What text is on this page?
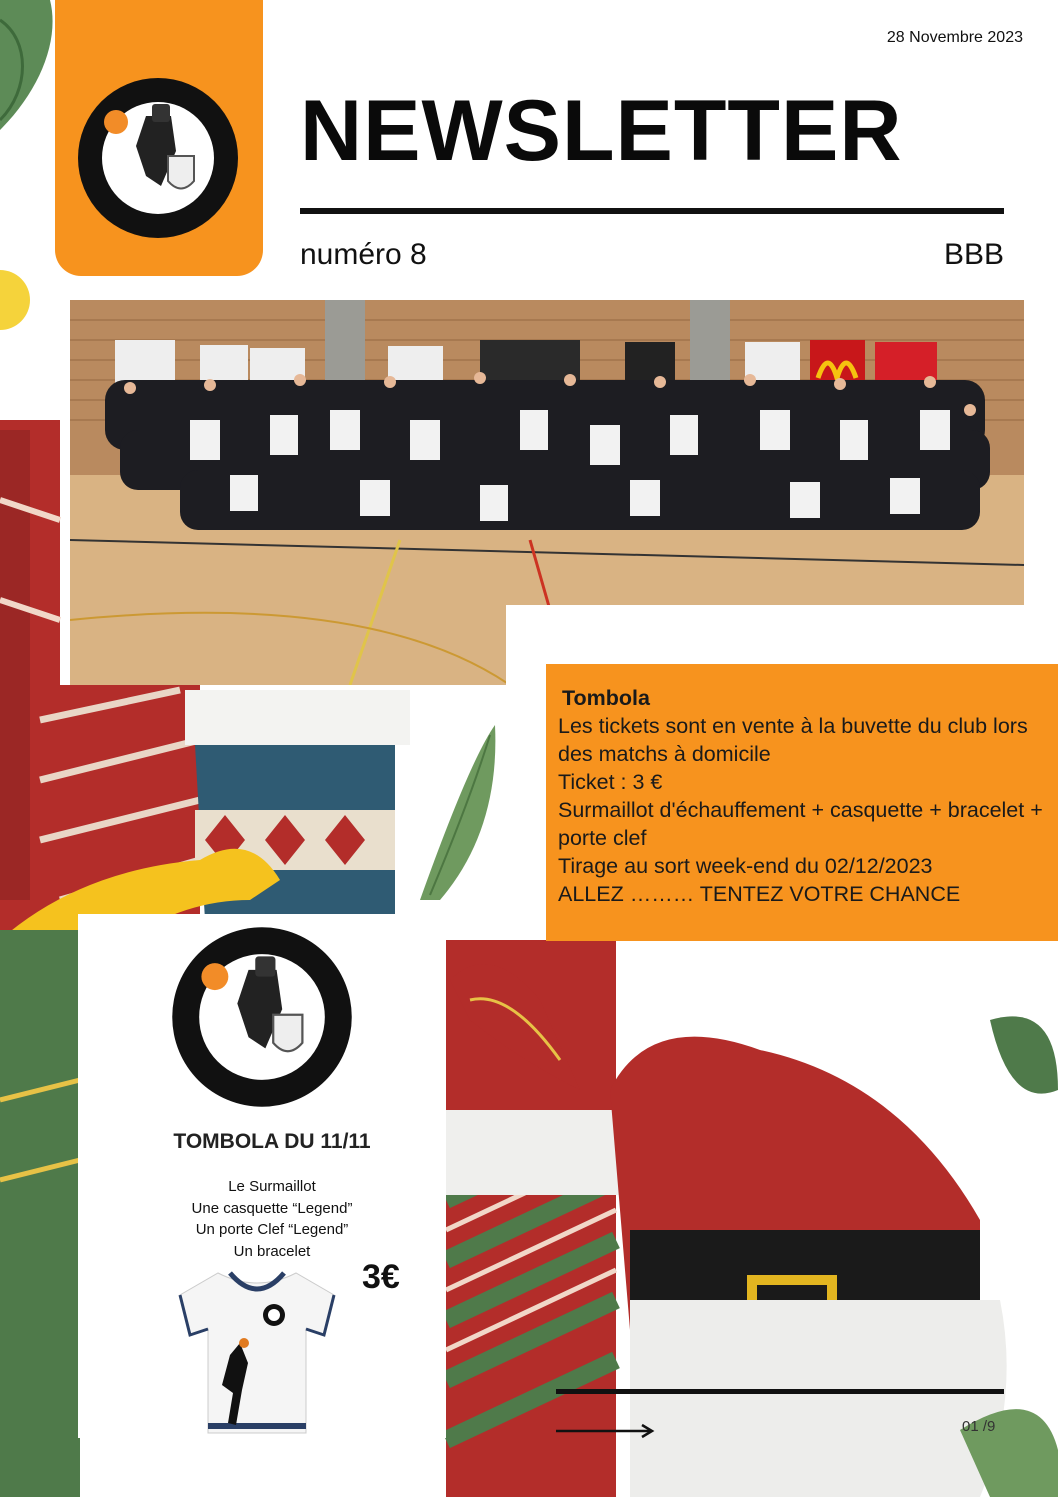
28 Novembre 2023
NEWSLETTER
numéro 8	BBB
Tombola
Les tickets sont en vente à la buvette du club lors des matchs à domicile
Ticket : 3 €
Surmaillot d'échauffement + casquette + bracelet + porte clef
Tirage au sort week-end du 02/12/2023
ALLEZ ……… TENTEZ VOTRE CHANCE
TOMBOLA DU 11/11
Le Surmaillot
Une casquette “Legend”
Un porte Clef “Legend”
Un bracelet
3€
01 /9
